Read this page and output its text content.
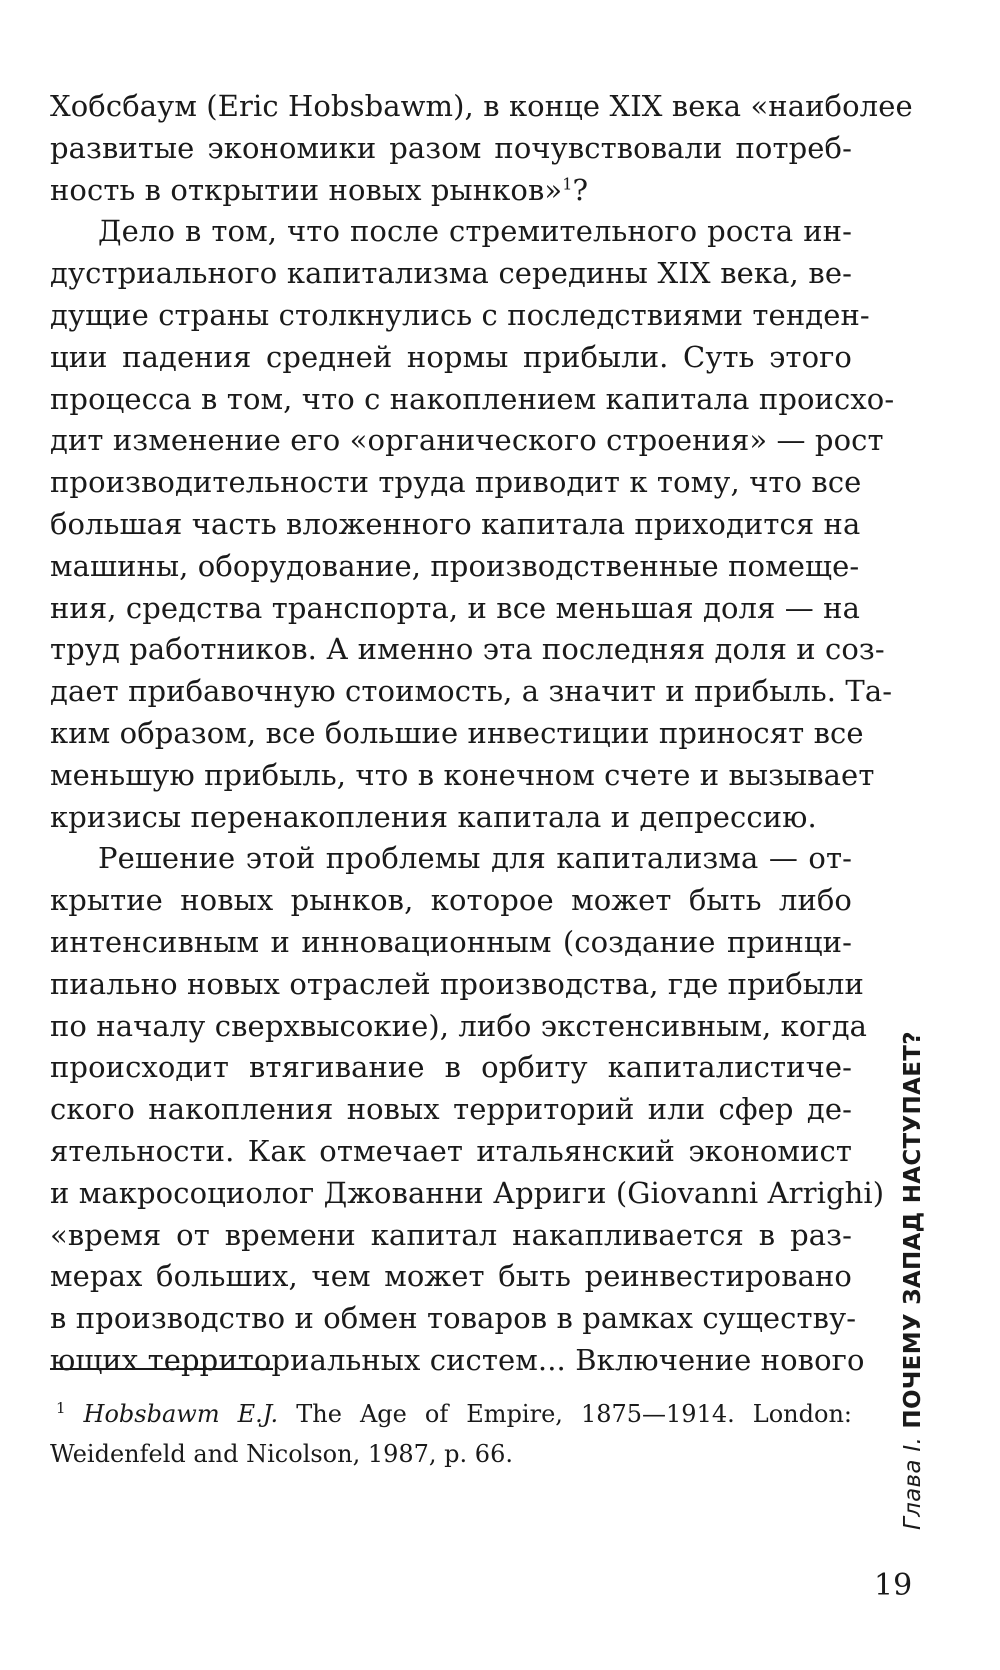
Хобсбаум (Eric Hobsbawm), в конце XIX века «наиболее
развитые экономики разом почувствовали потреб-
ность в открытии новых рынков»$^1$?

Дело в том, что после стремительного роста ин-
дустриального капитализма середины XIX века, ве-
дущие страны столкнулись с последствиями тенден-
ции падения средней нормы прибыли. Суть этого
процесса в том, что с накоплением капитала происхо-
дит изменение его «органического строения» — рост
производительности труда приводит к тому, что все
большая часть вложенного капитала приходится на
машины, оборудование, производственные помеще-
ния, средства транспорта, и все меньшая доля — на
труд работников. А именно эта последняя доля и соз-
дает прибавочную стоимость, а значит и прибыль. Та-
ким образом, все большие инвестиции приносят все
меньшую прибыль, что в конечном счете и вызывает
кризисы перенакопления капитала и депрессию.

Решение этой проблемы для капитализма — от-
крытие новых рынков, которое может быть либо
интенсивным и инновационным (создание принци-
пиально новых отраслей производства, где прибыли
по началу сверхвысокие), либо экстенсивным, когда
происходит втягивание в орбиту капиталистиче-
ского накопления новых территорий или сфер де-
ятельности. Как отмечает итальянский экономист
и макросоциолог Джованни Арриги (Giovanni Arrighi)
«время от времени капитал накапливается в раз-
мерах больших, чем может быть реинвестировано
в производство и обмен товаров в рамках существу-
ющих территориальных систем... Включение нового

$^1$ Hobsbawm E.J. The Age of Empire, 1875—1914. London:
Weidenfeld and Nicolson, 1987, p. 66.	Глава I. ПОЧЕМУ ЗАПАД НАСТУПАЕТ?
19
